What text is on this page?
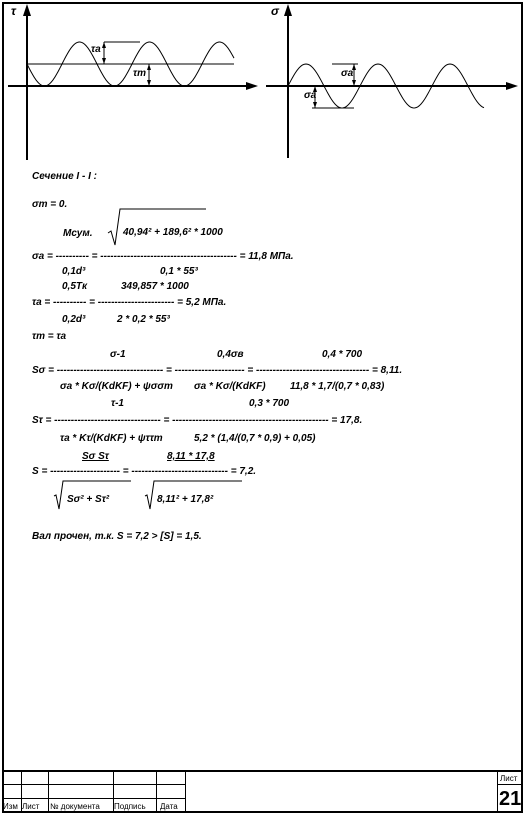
τ
τa
τm
σ
σa
σa
Сечение I - I :
σm = 0.
Mсум.	40,94² + 189,6² * 1000
σa = ---------- = ----------------------------------------- = 11,8 МПа.
0,1d³	0,1 * 55³
0,5Tк	349,857 * 1000
τa = ---------- = ----------------------- = 5,2 МПа.
0,2d³	2 * 0,2 * 55³
τm = τa
σ-1	0,4σв	0,4 * 700
Sσ = -------------------------------- = --------------------- = ---------------------------------- = 8,11.
σa * Kσ/(KdKF) + ψσσm σa * Kσ/(KdKF) 11,8 * 1,7/(0,7 * 0,83)
τ-1	0,3 * 700
Sτ = -------------------------------- = ----------------------------------------------- = 17,8.
τa * Kτ/(KdKF) + ψττm	5,2 * (1,4/(0,7 * 0,9) + 0,05)
Sσ Sτ	8,11 * 17,8
S = --------------------- = ----------------------------- = 7,2.
Sσ² + Sτ²	8,11² + 17,8²
Вал прочен, т.к. S = 7,2 > [S] = 1,5.
Изм Лист № документа Подпись Дата
Лист
21
